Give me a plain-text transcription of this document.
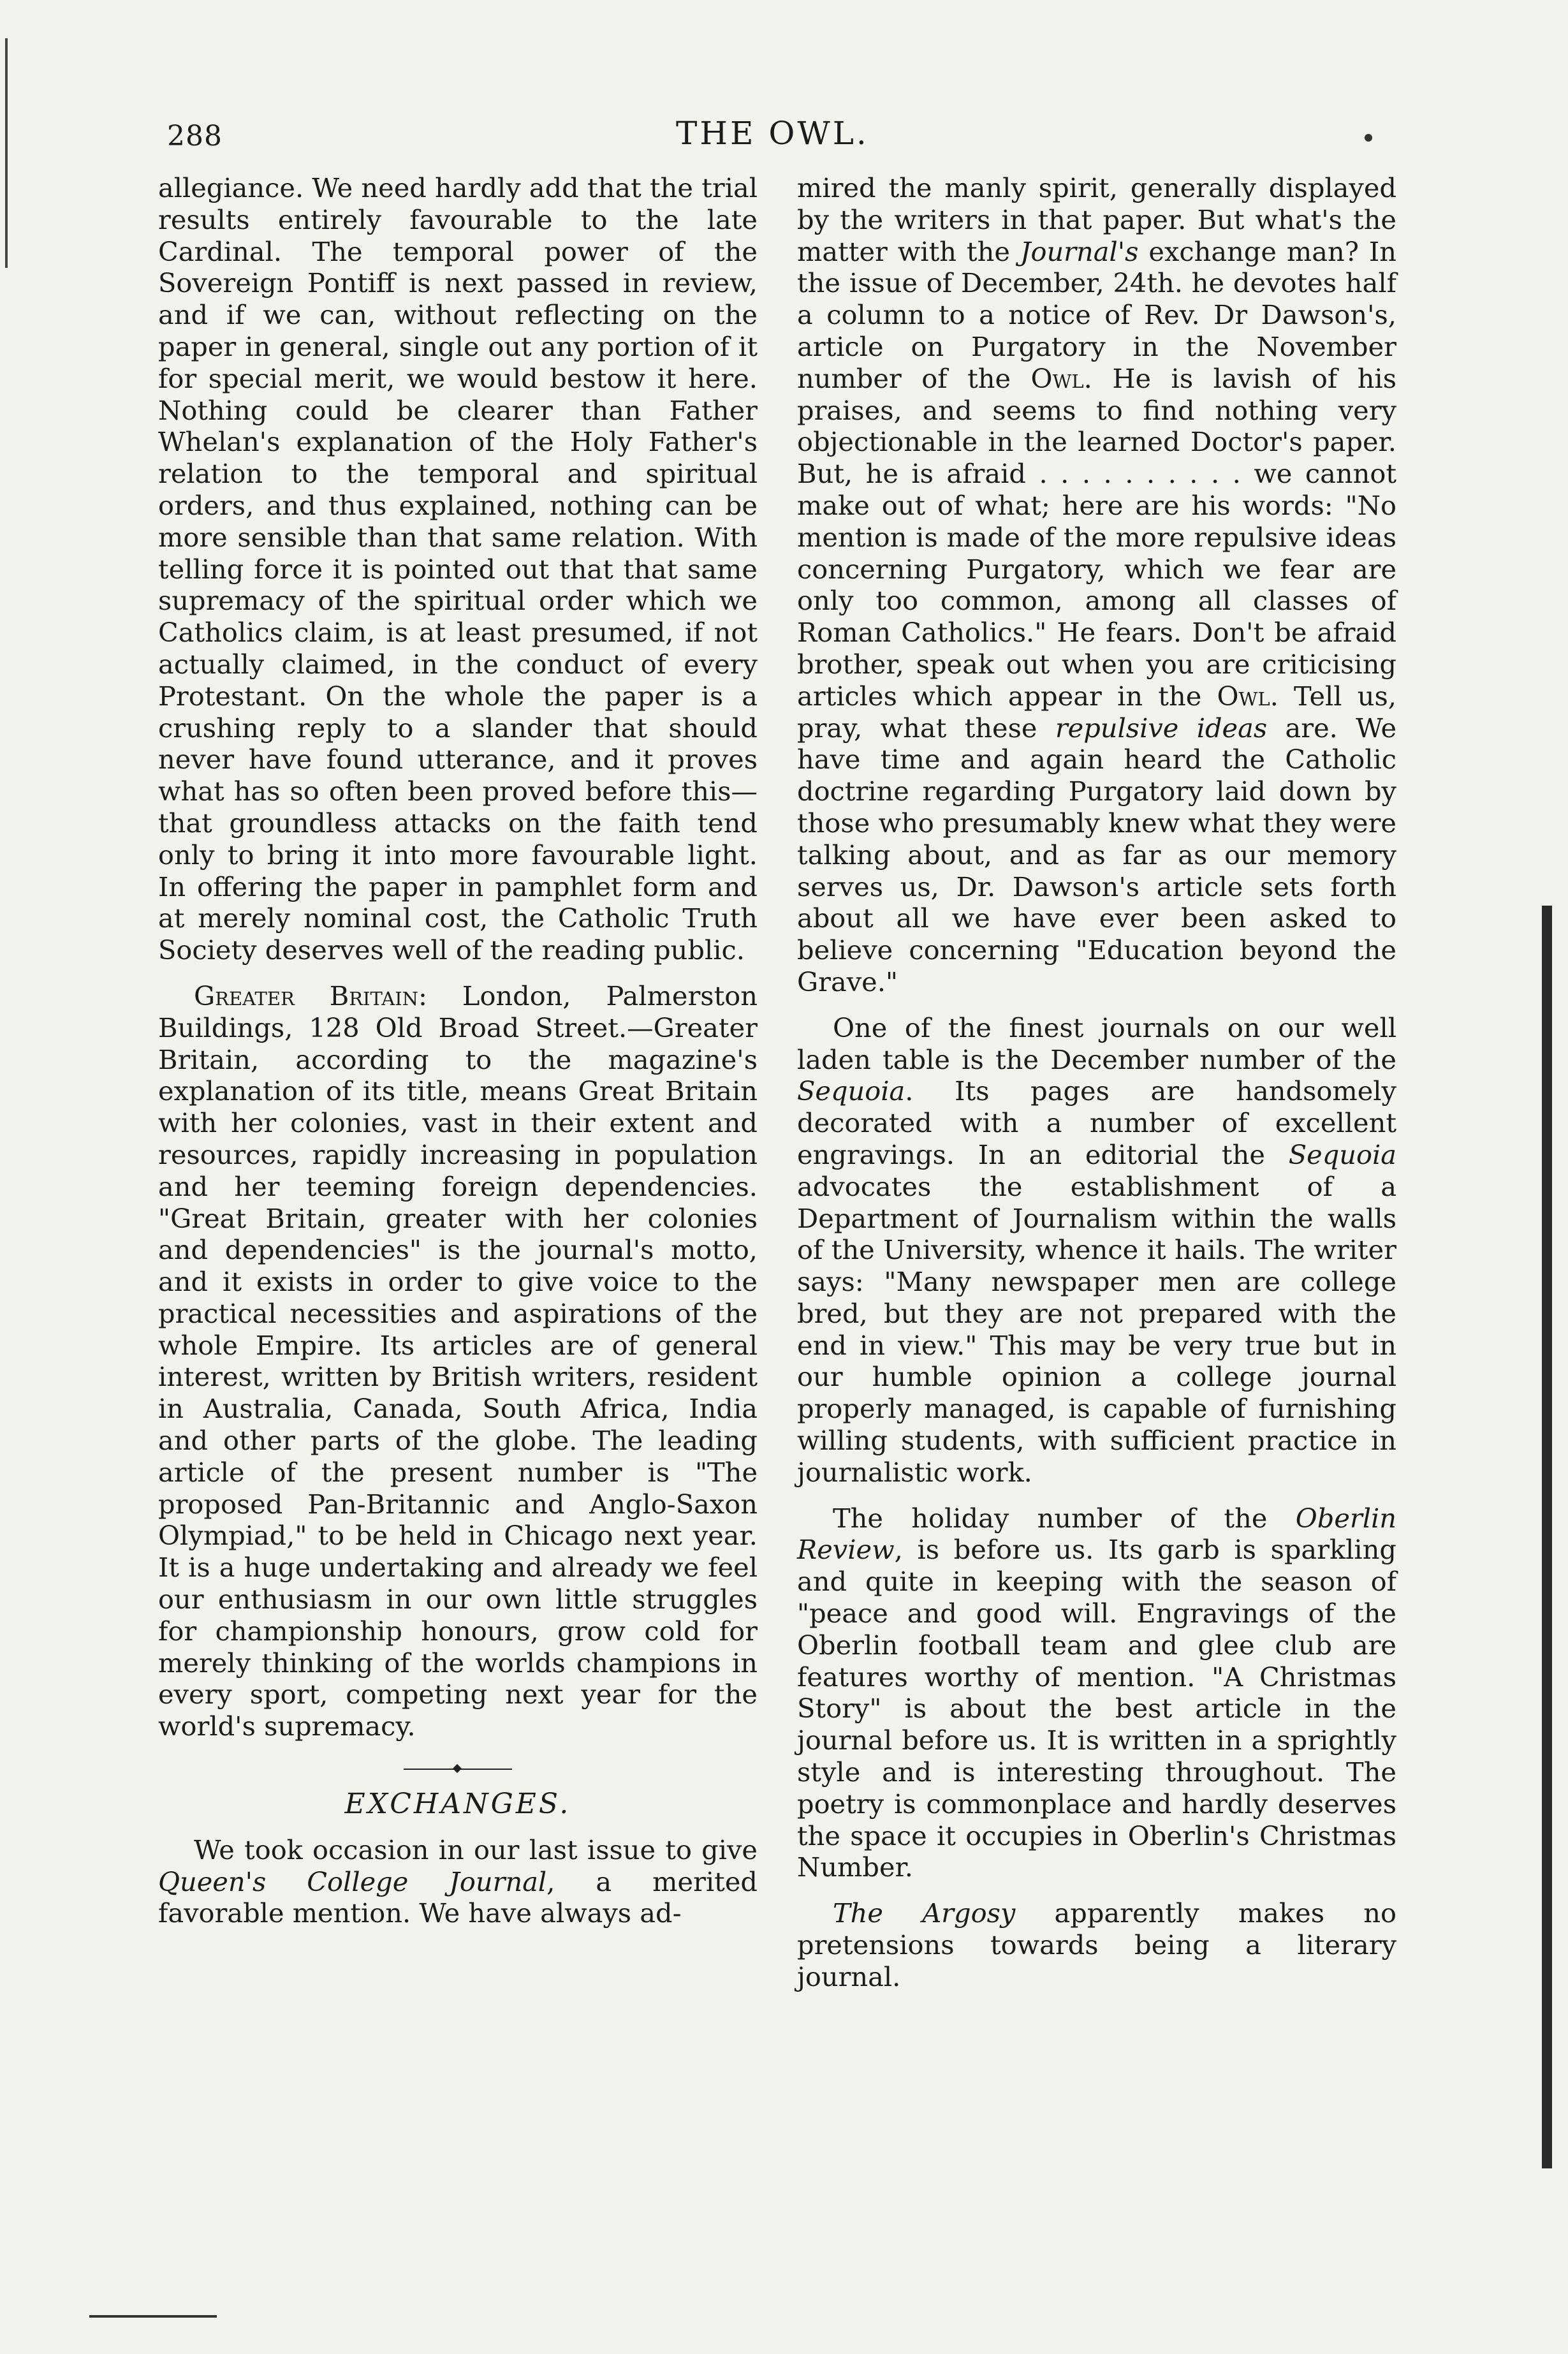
288	THE OWL.

allegiance. We need hardly add that the trial results entirely favourable to the late Cardinal. The temporal power of the Sovereign Pontiff is next passed in review, and if we can, without reflecting on the paper in general, single out any portion of it for special merit, we would bestow it here. Nothing could be clearer than Father Whelan's explanation of the Holy Father's relation to the temporal and spiritual orders, and thus explained, nothing can be more sensible than that same relation. With telling force it is pointed out that that same supremacy of the spiritual order which we Catholics claim, is at least presumed, if not actually claimed, in the conduct of every Protestant. On the whole the paper is a crushing reply to a slander that should never have found utterance, and it proves what has so often been proved before this—that groundless attacks on the faith tend only to bring it into more favourable light. In offering the paper in pamphlet form and at merely nominal cost, the Catholic Truth Society deserves well of the reading public.

Greater Britain: London, Palmerston Buildings, 128 Old Broad Street.—Greater Britain, according to the magazine's explanation of its title, means Great Britain with her colonies, vast in their extent and resources, rapidly increasing in population and her teeming foreign dependencies. "Great Britain, greater with her colonies and dependencies" is the journal's motto, and it exists in order to give voice to the practical necessities and aspirations of the whole Empire. Its articles are of general interest, written by British writers, resident in Australia, Canada, South Africa, India and other parts of the globe. The leading article of the present number is "The proposed Pan-Britannic and Anglo-Saxon Olympiad," to be held in Chicago next year. It is a huge undertaking and already we feel our enthusiasm in our own little struggles for championship honours, grow cold for merely thinking of the worlds champions in every sport, competing next year for the world's supremacy.

EXCHANGES.

We took occasion in our last issue to give Queen's College Journal, a merited favorable mention. We have always ad-

mired the manly spirit, generally displayed by the writers in that paper. But what's the matter with the Journal's exchange man? In the issue of December, 24th. he devotes half a column to a notice of Rev. Dr Dawson's, article on Purgatory in the November number of the Owl. He is lavish of his praises, and seems to find nothing very objectionable in the learned Doctor's paper. But, he is afraid . . . . . . . . . . we cannot make out of what; here are his words: "No mention is made of the more repulsive ideas concerning Purgatory, which we fear are only too common, among all classes of Roman Catholics." He fears. Don't be afraid brother, speak out when you are criticising articles which appear in the Owl. Tell us, pray, what these repulsive ideas are. We have time and again heard the Catholic doctrine regarding Purgatory laid down by those who presumably knew what they were talking about, and as far as our memory serves us, Dr. Dawson's article sets forth about all we have ever been asked to believe concerning "Education beyond the Grave."

One of the finest journals on our well laden table is the December number of the Sequoia. Its pages are handsomely decorated with a number of excellent engravings. In an editorial the Sequoia advocates the establishment of a Department of Journalism within the walls of the University, whence it hails. The writer says: "Many newspaper men are college bred, but they are not prepared with the end in view." This may be very true but in our humble opinion a college journal properly managed, is capable of furnishing willing students, with sufficient practice in journalistic work.

The holiday number of the Oberlin Review, is before us. Its garb is sparkling and quite in keeping with the season of "peace and good will. Engravings of the Oberlin football team and glee club are features worthy of mention. "A Christmas Story" is about the best article in the journal before us. It is written in a sprightly style and is interesting throughout. The poetry is commonplace and hardly deserves the space it occupies in Oberlin's Christmas Number.

The Argosy apparently makes no pretensions towards being a literary journal.
